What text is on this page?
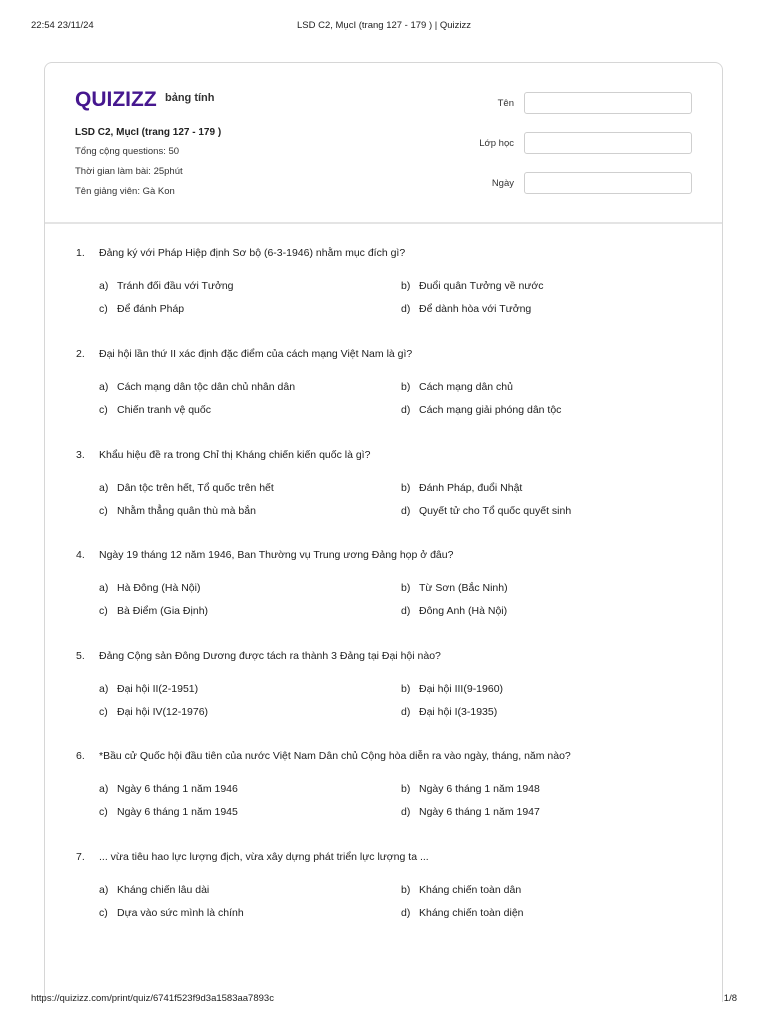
22:54 23/11/24	LSD C2, MụcI (trang 127 - 179 ) | Quizizz
QUIZIZZ bảng tính
LSD C2, MụcI (trang 127 - 179 )
Tổng cộng questions: 50
Thời gian làm bài: 25phút
Tên giảng viên: Gà Kon
Tên
Lớp học
Ngày
1. Đảng ký với Pháp Hiệp định Sơ bộ (6-3-1946) nhằm mục đích gì?
a) Tránh đối đầu với Tưởng	b) Đuổi quân Tưởng về nước
c) Để đánh Pháp	d) Để dành hòa với Tưởng
2. Đại hội lần thứ II xác định đặc điểm của cách mạng Việt Nam là gì?
a) Cách mạng dân tộc dân chủ nhân dân	b) Cách mạng dân chủ
c) Chiến tranh vệ quốc	d) Cách mạng giải phóng dân tộc
3. Khẩu hiệu đề ra trong Chỉ thị Kháng chiến kiến quốc là gì?
a) Dân tộc trên hết, Tổ quốc trên hết	b) Đánh Pháp, đuổi Nhật
c) Nhằm thẳng quân thù mà bắn	d) Quyết tử cho Tổ quốc quyết sinh
4. Ngày 19 tháng 12 năm 1946, Ban Thường vụ Trung ương Đảng họp ở đâu?
a) Hà Đông (Hà Nội)	b) Từ Sơn (Bắc Ninh)
c) Bà Điểm (Gia Định)	d) Đông Anh (Hà Nội)
5. Đảng Cộng sản Đông Dương được tách ra thành 3 Đảng tại Đại hội nào?
a) Đại hội II(2-1951)	b) Đại hội III(9-1960)
c) Đại hội IV(12-1976)	d) Đại hội I(3-1935)
6. *Bầu cử Quốc hội đầu tiên của nước Việt Nam Dân chủ Cộng hòa diễn ra vào ngày, tháng, năm nào?
a) Ngày 6 tháng 1 năm 1946	b) Ngày 6 tháng 1 năm 1948
c) Ngày 6 tháng 1 năm 1945	d) Ngày 6 tháng 1 năm 1947
7. ... vừa tiêu hao lực lượng địch, vừa xây dựng phát triển lực lượng ta ...
a) Kháng chiến lâu dài	b) Kháng chiến toàn dân
c) Dựa vào sức mình là chính	d) Kháng chiến toàn diện
https://quizizz.com/print/quiz/6741f523f9d3a1583aa7893c	1/8
